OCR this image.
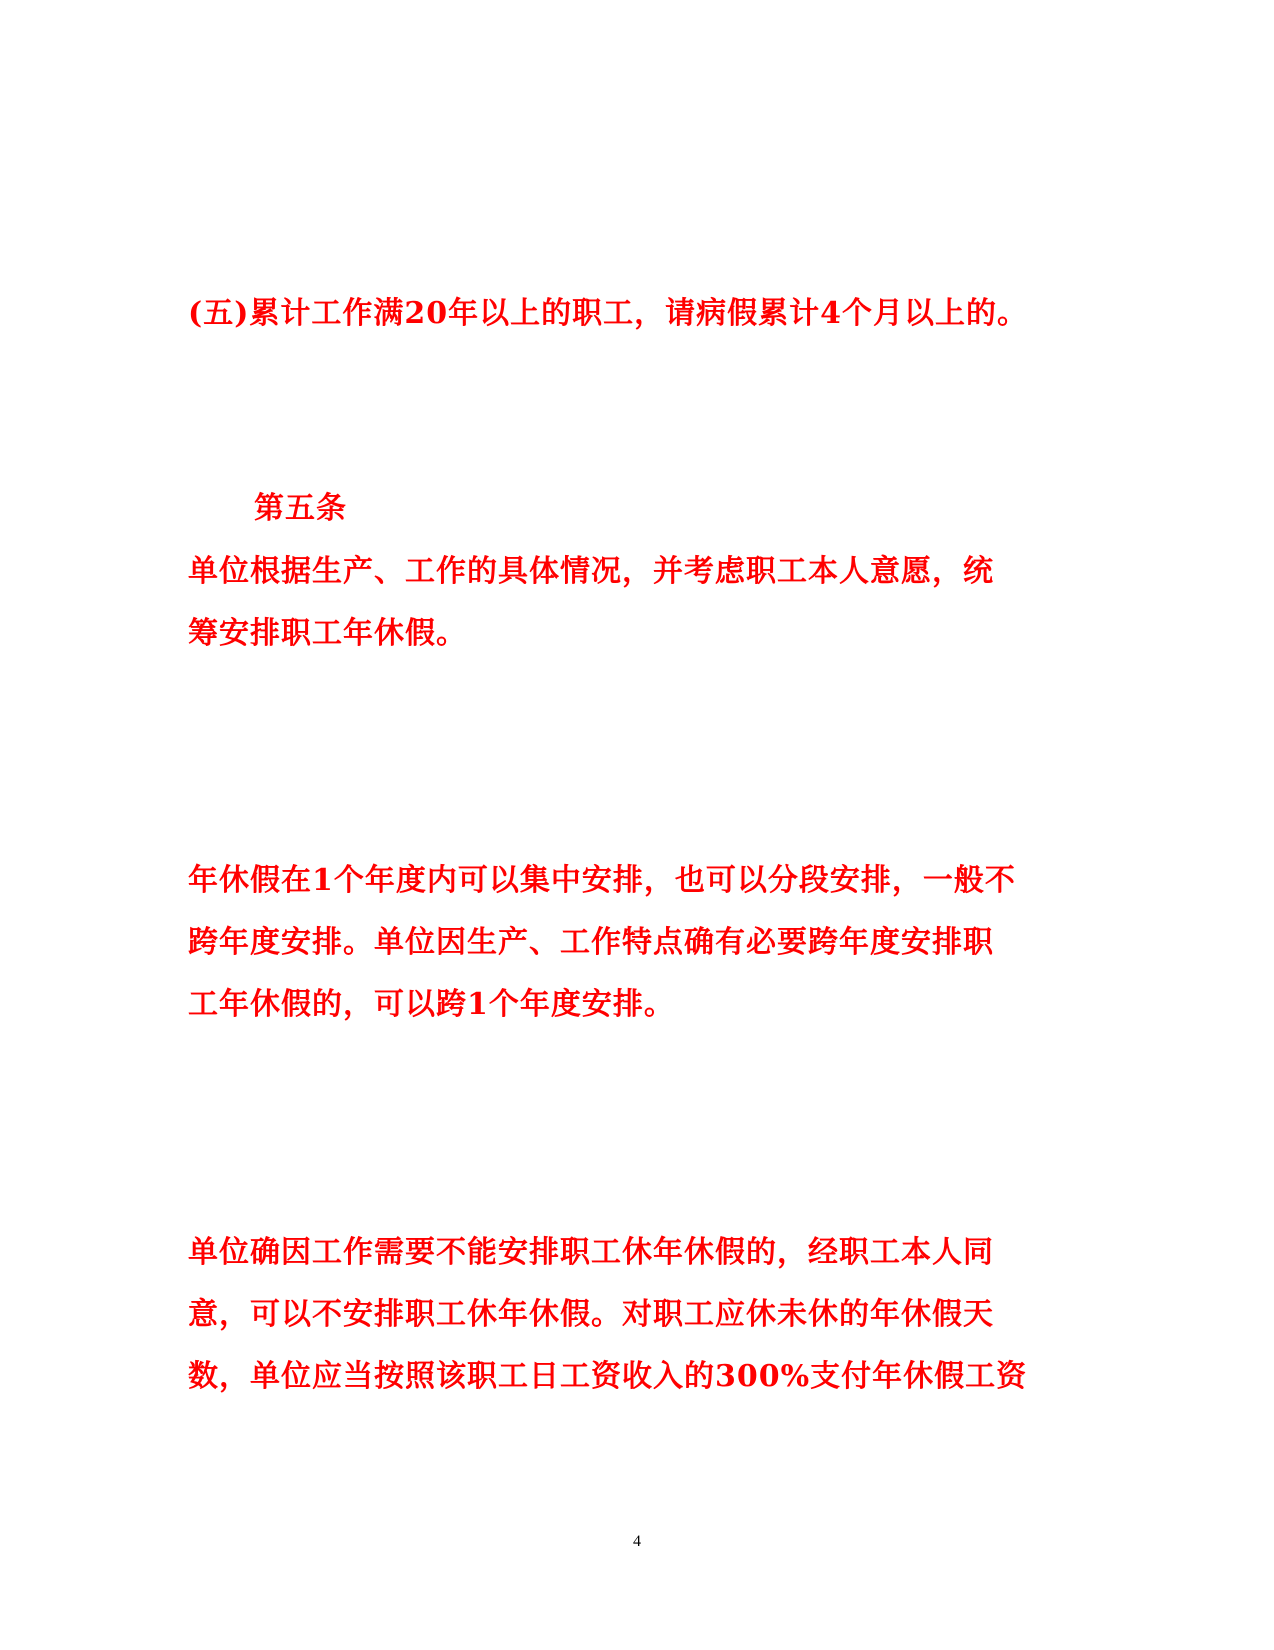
(五)累计工作满20年以上的职工，请病假累计4个月以上的。
第五条
单位根据生产、工作的具体情况，并考虑职工本人意愿，统
筹安排职工年休假。
年休假在1个年度内可以集中安排，也可以分段安排，一般不
跨年度安排。单位因生产、工作特点确有必要跨年度安排职
工年休假的，可以跨1个年度安排。
单位确因工作需要不能安排职工休年休假的，经职工本人同
意，可以不安排职工休年休假。对职工应休未休的年休假天
数，单位应当按照该职工日工资收入的300%支付年休假工资
4
